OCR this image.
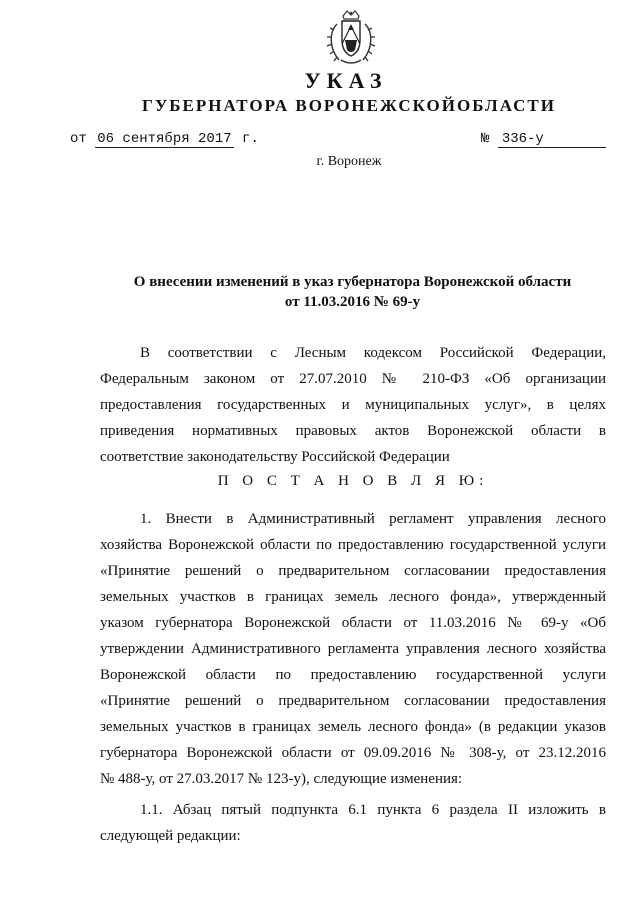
УКАЗ
ГУБЕРНАТОРА ВОРОНЕЖСКОЙОБЛАСТИ
от 06 сентября 2017 г.	№ 336-у
г. Воронеж
О внесении изменений в указ губернатора Воронежской области
от 11.03.2016 № 69-у
В соответствии с Лесным кодексом Российской Федерации,
Федеральным законом от 27.07.2010 № 210-ФЗ «Об организации
предоставления государственных и муниципальных услуг», в целях
приведения нормативных правовых актов Воронежской области в
соответствие законодательству Российской Федерации
П О С Т А Н О В Л Я Ю:
1. Внести в Административный регламент управления лесного
хозяйства Воронежской области по предоставлению государственной услуги
«Принятие решений о предварительном согласовании предоставления
земельных участков в границах земель лесного фонда», утвержденный
указом губернатора Воронежской области от 11.03.2016 № 69-у «Об
утверждении Административного регламента управления лесного хозяйства
Воронежской области по предоставлению государственной услуги
«Принятие решений о предварительном согласовании предоставления
земельных участков в границах земель лесного фонда» (в редакции указов
губернатора Воронежской области от 09.09.2016 № 308-у, от 23.12.2016
№ 488-у, от 27.03.2017 № 123-у), следующие изменения:
1.1. Абзац пятый подпункта 6.1 пункта 6 раздела II изложить в
следующей редакции:
